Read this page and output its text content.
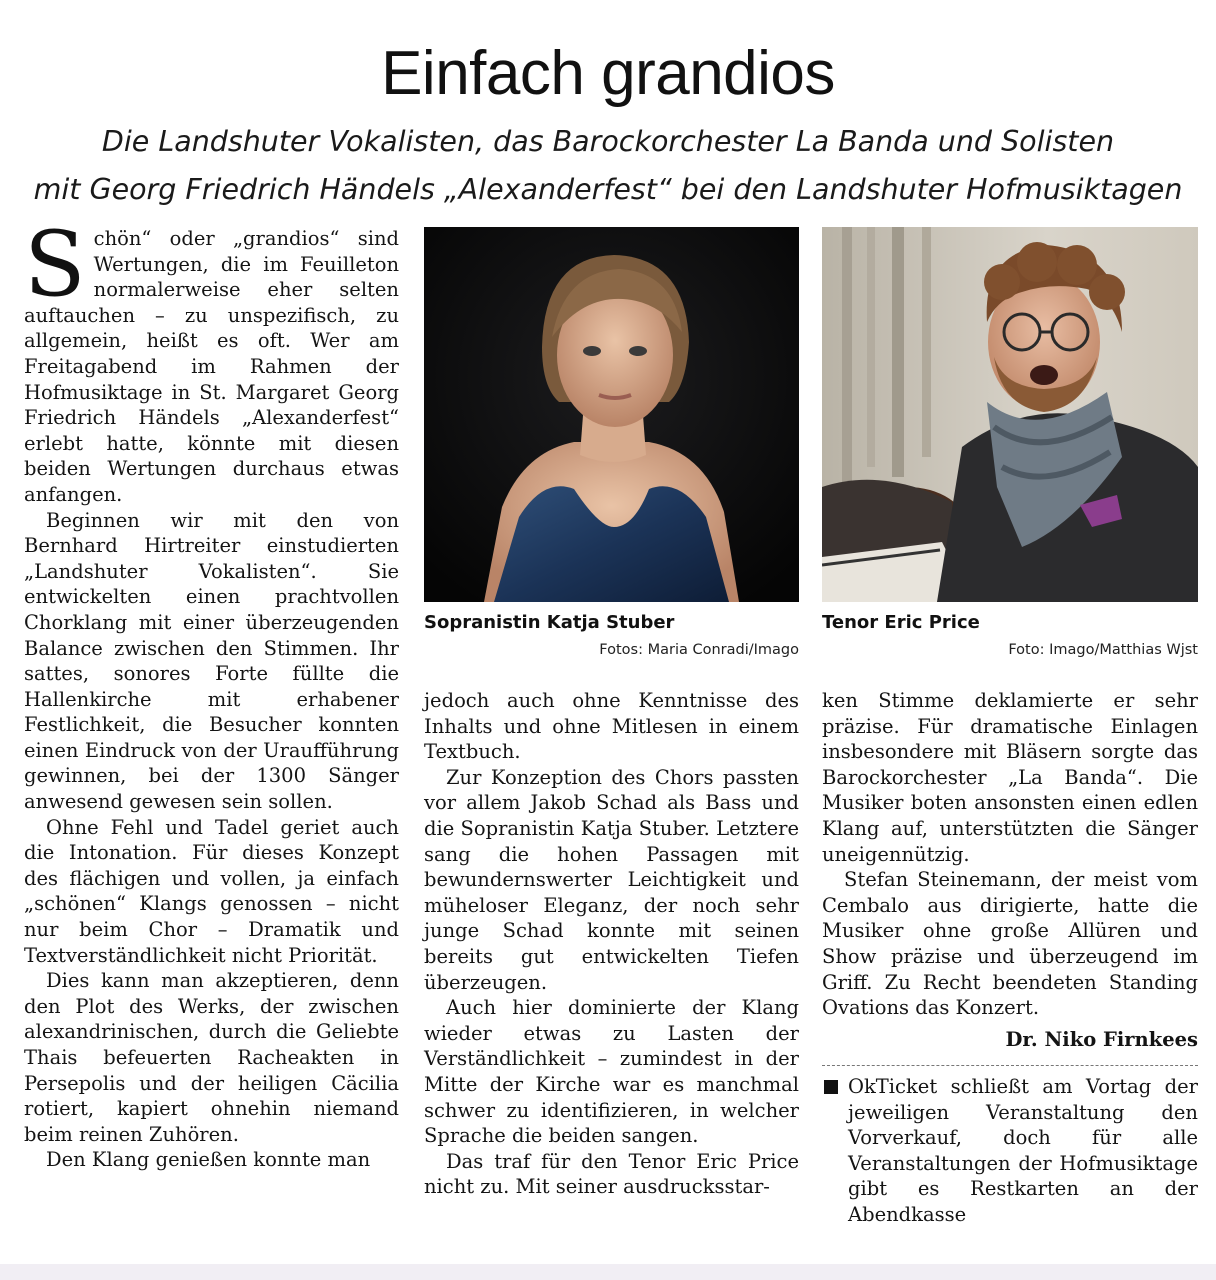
Einfach grandios
Die Landshuter Vokalisten, das Barockorchester La Banda und Solisten
mit Georg Friedrich Händels „Alexanderfest“ bei den Landshuter Hofmusiktagen

Schön“ oder „grandios“ sind Wertungen, die im Feuilleton normalerweise eher selten auftauchen – zu unspezifisch, zu allgemein, heißt es oft. Wer am Freitagabend im Rahmen der Hofmusiktage in St. Margaret Georg Friedrich Händels „Alexanderfest“ erlebt hatte, könnte mit diesen beiden Wertungen durchaus etwas anfangen.

Beginnen wir mit den von Bernhard Hirtreiter einstudierten „Landshuter Vokalisten“. Sie entwickelten einen prachtvollen Chorklang mit einer überzeugenden Balance zwischen den Stimmen. Ihr sattes, sonores Forte füllte die Hallenkirche mit erhabener Festlichkeit, die Besucher konnten einen Eindruck von der Uraufführung gewinnen, bei der 1300 Sänger anwesend gewesen sein sollen.

Ohne Fehl und Tadel geriet auch die Intonation. Für dieses Konzept des flächigen und vollen, ja einfach „schönen“ Klangs genossen – nicht nur beim Chor – Dramatik und Textverständlichkeit nicht Priorität.

Dies kann man akzeptieren, denn den Plot des Werks, der zwischen alexandrinischen, durch die Geliebte Thais befeuerten Racheakten in Persepolis und der heiligen Cäcilia rotiert, kapiert ohnehin niemand beim reinen Zuhören.

Den Klang genießen konnte man

Sopranistin Katja Stuber
Fotos: Maria Conradi/Imago
Tenor Eric Price
Foto: Imago/Matthias Wjst

jedoch auch ohne Kenntnisse des Inhalts und ohne Mitlesen in einem Textbuch.

Zur Konzeption des Chors passten vor allem Jakob Schad als Bass und die Sopranistin Katja Stuber. Letztere sang die hohen Passagen mit bewundernswerter Leichtigkeit und müheloser Eleganz, der noch sehr junge Schad konnte mit seinen bereits gut entwickelten Tiefen überzeugen.

Auch hier dominierte der Klang wieder etwas zu Lasten der Verständlichkeit – zumindest in der Mitte der Kirche war es manchmal schwer zu identifizieren, in welcher Sprache die beiden sangen.

Das traf für den Tenor Eric Price nicht zu. Mit seiner ausdrucksstar-

ken Stimme deklamierte er sehr präzise. Für dramatische Einlagen insbesondere mit Bläsern sorgte das Barockorchester „La Banda“. Die Musiker boten ansonsten einen edlen Klang auf, unterstützten die Sänger uneigennützig.

Stefan Steinemann, der meist vom Cembalo aus dirigierte, hatte die Musiker ohne große Allüren und Show präzise und überzeugend im Griff. Zu Recht beendeten Standing Ovations das Konzert.

Dr. Niko Firnkees

OkTicket schließt am Vortag der jeweiligen Veranstaltung den Vorverkauf, doch für alle Veranstaltungen der Hofmusiktage gibt es Restkarten an der Abendkasse
